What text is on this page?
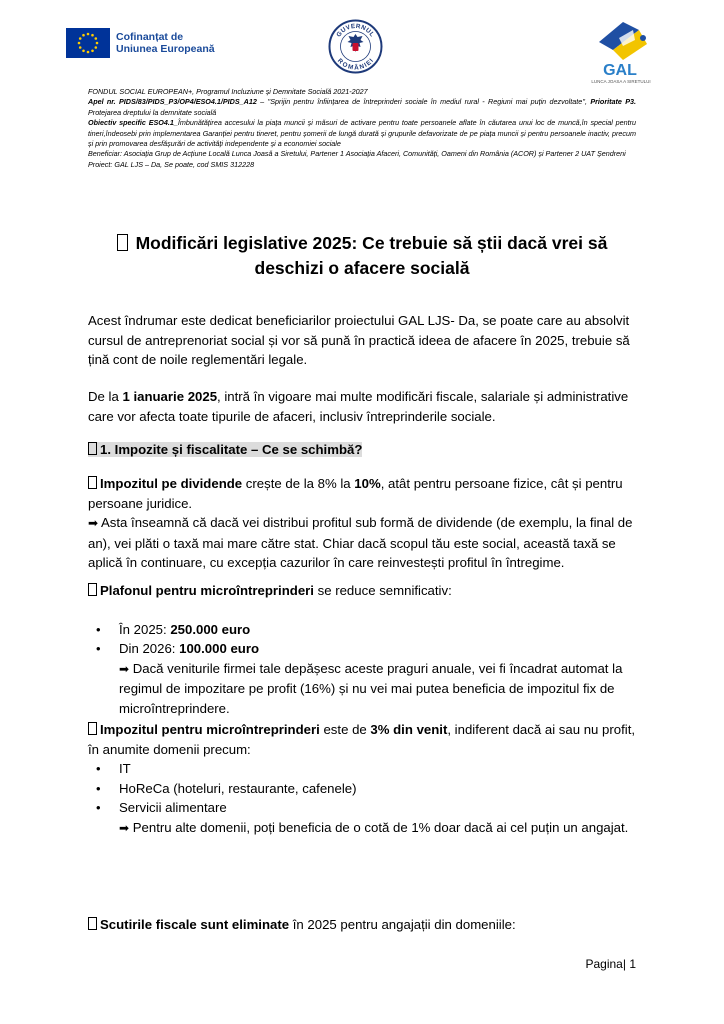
Cofinanțat de
Uniunea Europeană
GUVERNUL
ROMÂNIEI
GAL
LUNCA JOASA A SIRETULUI

FONDUL SOCIAL EUROPEAN+, Programul Incluziune și Demnitate Socială 2021-2027

Apel nr. PIDS/83/PIDS_P3/OP4/ESO4.1/PIDS_A12 – ''Sprijin pentru înființarea de întreprinderi sociale în mediul rural - Regiuni mai puțin dezvoltate'', Prioritate P3. Protejarea dreptului la demnitate socială

Obiectiv specific ESO4.1_Îmbunătățirea accesului la piața muncii și măsuri de activare pentru toate persoanele aflate în căutarea unui loc de muncă,în special pentru tineri,îndeosebi prin implementarea Garanției pentru tineret, pentru șomerii de lungă durată și grupurile defavorizate de pe piața muncii și pentru persoanele inactiv, precum și prin promovarea desfășurări de activități independente și a economiei sociale

Beneficiar: Asociația Grup de Acțiune Locală Lunca Joasă a Siretului, Partener 1 Asociația Afaceri, Comunități, Oameni din România (ACOR) și Partener 2 UAT Șendreni

Proiect: GAL LJS – Da, Se poate, cod SMIS 312228

Modificări legislative 2025: Ce trebuie să știi dacă vrei să deschizi o afacere socială

Acest îndrumar este dedicat beneficiarilor proiectului GAL LJS- Da, se poate care au absolvit cursul de antreprenoriat social și vor să pună în practică ideea de afacere în 2025, trebuie să țină cont de noile reglementări legale.

De la 1 ianuarie 2025, intră în vigoare mai multe modificări fiscale, salariale și administrative care vor afecta toate tipurile de afaceri, inclusiv întreprinderile sociale.

1. Impozite și fiscalitate – Ce se schimbă?

Impozitul pe dividende crește de la 8% la 10%, atât pentru persoane fizice, cât și pentru persoane juridice.

➡ Asta înseamnă că dacă vei distribui profitul sub formă de dividende (de exemplu, la final de an), vei plăti o taxă mai mare către stat. Chiar dacă scopul tău este social, această taxă se aplică în continuare, cu excepția cazurilor în care reinvestești profitul în întregime.

Plafonul pentru microîntreprinderi se reduce semnificativ:

• În 2025: 250.000 euro
• Din 2026: 100.000 euro
➡ Dacă veniturile firmei tale depășesc aceste praguri anuale, vei fi încadrat automat la regimul de impozitare pe profit (16%) și nu vei mai putea beneficia de impozitul fix de microîntreprindere.

Impozitul pentru microîntreprinderi este de 3% din venit, indiferent dacă ai sau nu profit, în anumite domenii precum:

• IT
• HoReCa (hoteluri, restaurante, cafenele)
• Servicii alimentare
➡ Pentru alte domenii, poți beneficia de o cotă de 1% doar dacă ai cel puțin un angajat.

Scutirile fiscale sunt eliminate în 2025 pentru angajații din domeniile:

Pagina| 1
